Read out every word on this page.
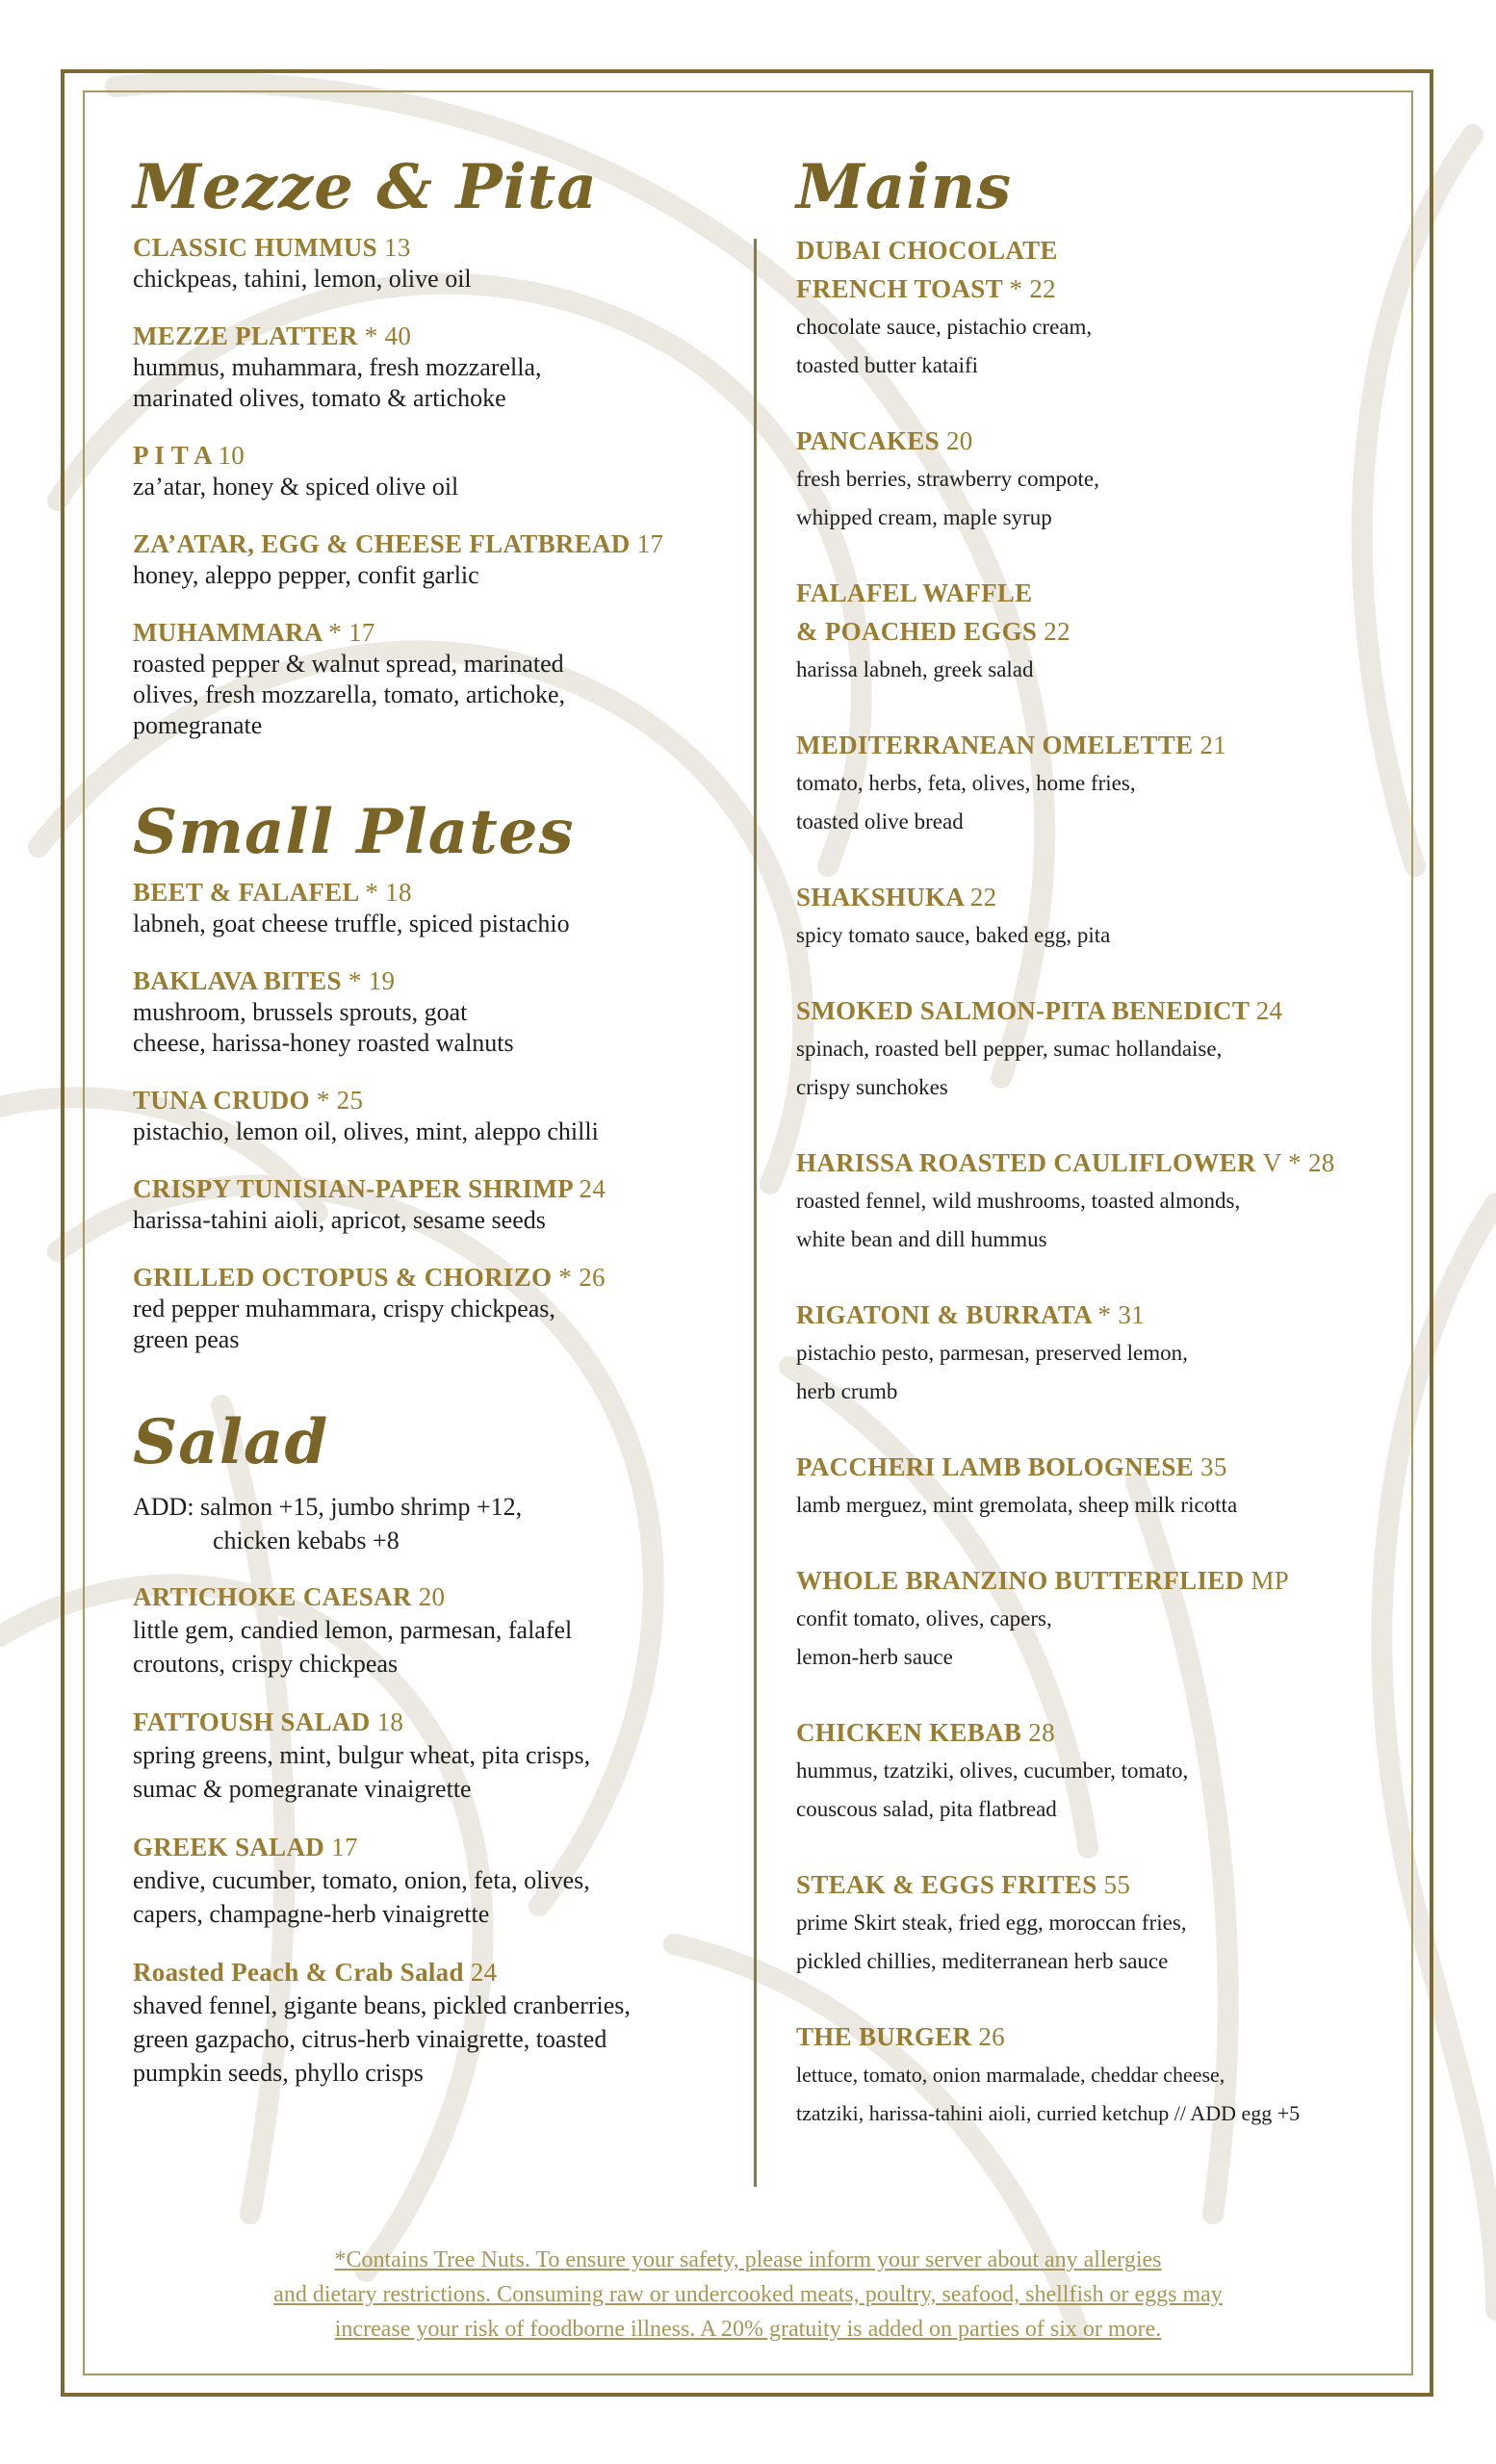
Mezze & Pita
CLASSIC HUMMUS 13
chickpeas, tahini, lemon, olive oil
MEZZE PLATTER * 40
hummus, muhammara, fresh mozzarella,
marinated olives, tomato & artichoke
P I T A 10
za’atar, honey & spiced olive oil
ZA’ATAR, EGG & CHEESE FLATBREAD 17
honey, aleppo pepper, confit garlic
MUHAMMARA * 17
roasted pepper & walnut spread, marinated
olives, fresh mozzarella, tomato, artichoke,
pomegranate
Small Plates
BEET & FALAFEL * 18
labneh, goat cheese truffle, spiced pistachio
BAKLAVA BITES * 19
mushroom, brussels sprouts, goat
cheese, harissa-honey roasted walnuts
TUNA CRUDO * 25
pistachio, lemon oil, olives, mint, aleppo chilli
CRISPY TUNISIAN-PAPER SHRIMP 24
harissa-tahini aioli, apricot, sesame seeds
GRILLED OCTOPUS & CHORIZO * 26
red pepper muhammara, crispy chickpeas,
green peas
Salad
ADD: salmon +15, jumbo shrimp +12,
chicken kebabs +8
ARTICHOKE CAESAR 20
little gem, candied lemon, parmesan, falafel
croutons, crispy chickpeas
FATTOUSH SALAD 18
spring greens, mint, bulgur wheat, pita crisps,
sumac & pomegranate vinaigrette
GREEK SALAD 17
endive, cucumber, tomato, onion, feta, olives,
capers, champagne-herb vinaigrette
Roasted Peach & Crab Salad 24
shaved fennel, gigante beans, pickled cranberries,
green gazpacho, citrus-herb vinaigrette, toasted
pumpkin seeds, phyllo crisps
Mains
DUBAI CHOCOLATE
FRENCH TOAST * 22
chocolate sauce, pistachio cream,
toasted butter kataifi
PANCAKES 20
fresh berries, strawberry compote,
whipped cream, maple syrup
FALAFEL WAFFLE
& POACHED EGGS 22
harissa labneh, greek salad
MEDITERRANEAN OMELETTE 21
tomato, herbs, feta, olives, home fries,
toasted olive bread
SHAKSHUKA 22
spicy tomato sauce, baked egg, pita
SMOKED SALMON-PITA BENEDICT 24
spinach, roasted bell pepper, sumac hollandaise,
crispy sunchokes
HARISSA ROASTED CAULIFLOWER V * 28
roasted fennel, wild mushrooms, toasted almonds,
white bean and dill hummus
RIGATONI & BURRATA * 31
pistachio pesto, parmesan, preserved lemon,
herb crumb
PACCHERI LAMB BOLOGNESE 35
lamb merguez, mint gremolata, sheep milk ricotta
WHOLE BRANZINO BUTTERFLIED MP
confit tomato, olives, capers,
lemon-herb sauce
CHICKEN KEBAB 28
hummus, tzatziki, olives, cucumber, tomato,
couscous salad, pita flatbread
STEAK & EGGS FRITES 55
prime Skirt steak, fried egg, moroccan fries,
pickled chillies, mediterranean herb sauce
THE BURGER 26
lettuce, tomato, onion marmalade, cheddar cheese,
tzatziki, harissa-tahini aioli, curried ketchup // ADD egg +5
*Contains Tree Nuts. To ensure your safety, please inform your server about any allergies
and dietary restrictions. Consuming raw or undercooked meats, poultry, seafood, shellfish or eggs may
increase your risk of foodborne illness. A 20% gratuity is added on parties of six or more.
